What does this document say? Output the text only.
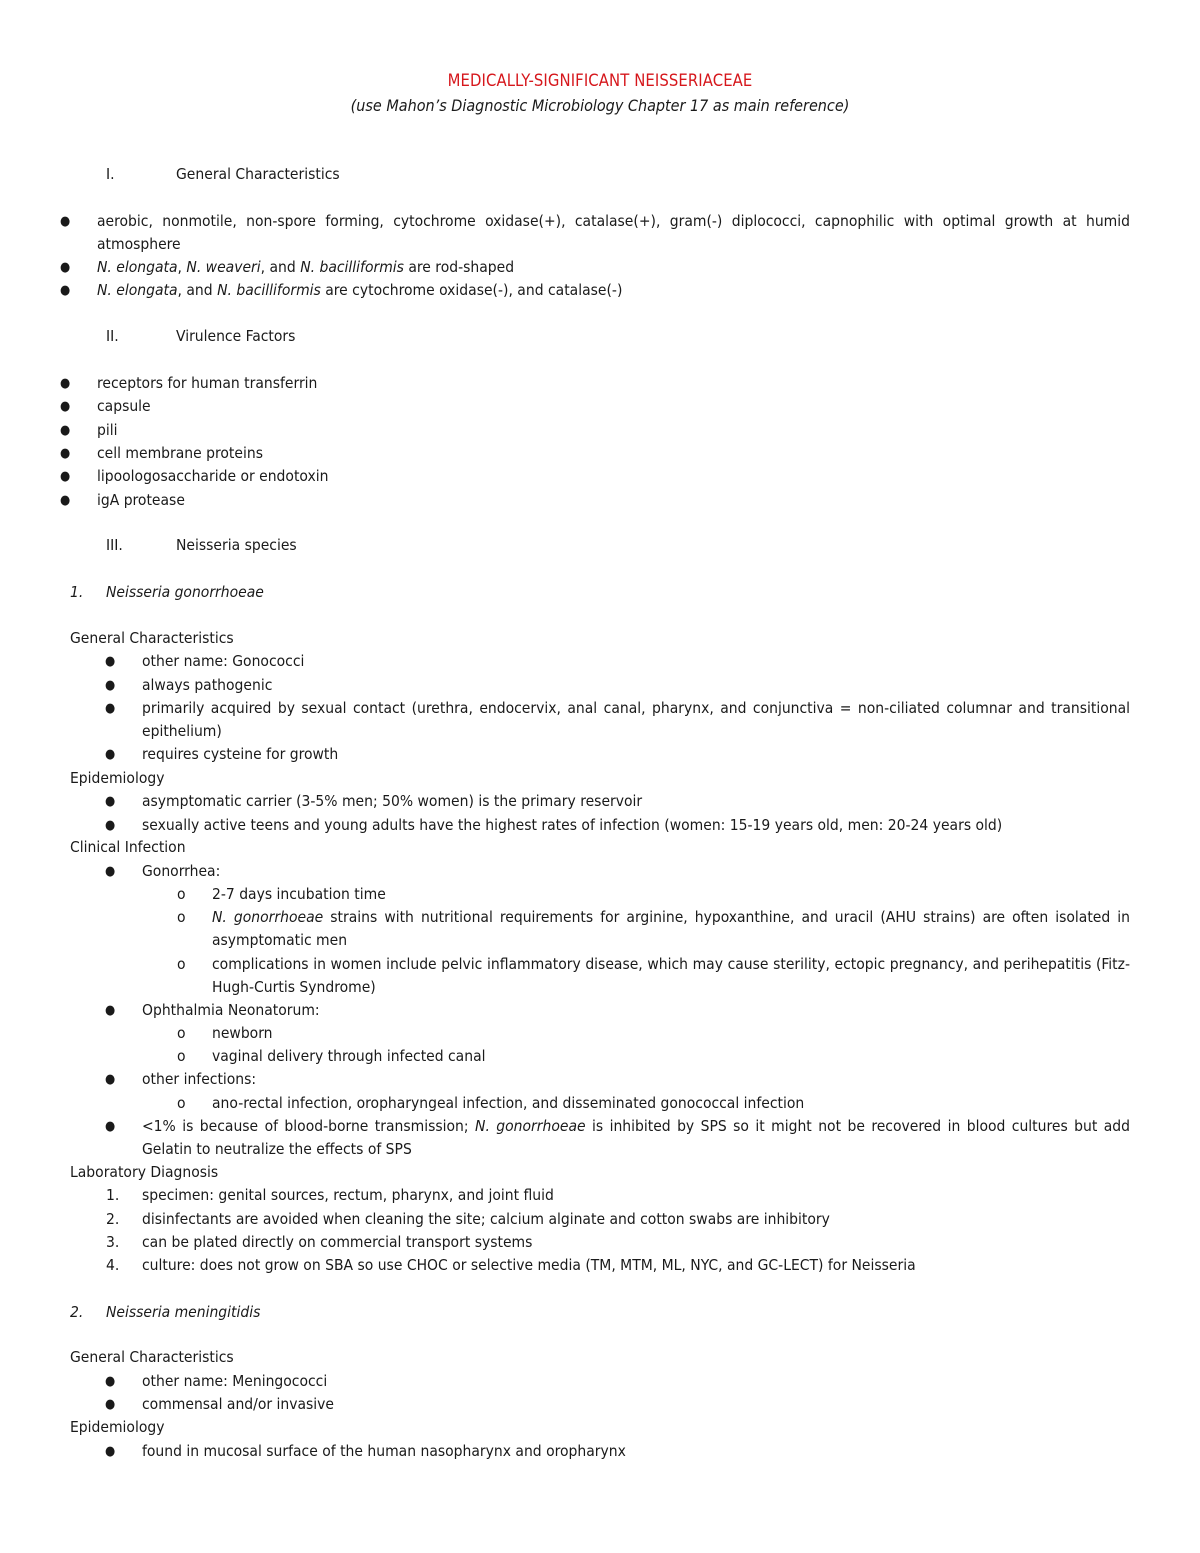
MEDICALLY-SIGNIFICANT NEISSERIACEAE
(use Mahon’s Diagnostic Microbiology Chapter 17 as main reference)
I.	General Characteristics
● aerobic, nonmotile, non-spore forming, cytochrome oxidase(+), catalase(+), gram(-) diplococci, capnophilic with optimal growth at humid atmosphere
● N. elongata, N. weaveri, and N. bacilliformis are rod-shaped
● N. elongata, and N. bacilliformis are cytochrome oxidase(-), and catalase(-)
II.	Virulence Factors
● receptors for human transferrin
● capsule
● pili
● cell membrane proteins
● lipoologosaccharide or endotoxin
● igA protease
III.	Neisseria species
1. Neisseria gonorrhoeae
General Characteristics
● other name: Gonococci
● always pathogenic
● primarily acquired by sexual contact (urethra, endocervix, anal canal, pharynx, and conjunctiva = non-ciliated columnar and transitional epithelium)
● requires cysteine for growth
Epidemiology
● asymptomatic carrier (3-5% men; 50% women) is the primary reservoir
● sexually active teens and young adults have the highest rates of infection (women: 15-19 years old, men: 20-24 years old)
Clinical Infection
● Gonorrhea:
o 2-7 days incubation time
o N. gonorrhoeae strains with nutritional requirements for arginine, hypoxanthine, and uracil (AHU strains) are often isolated in asymptomatic men
o complications in women include pelvic inflammatory disease, which may cause sterility, ectopic pregnancy, and perihepatitis (Fitz-Hugh-Curtis Syndrome)
● Ophthalmia Neonatorum:
o newborn
o vaginal delivery through infected canal
● other infections:
o ano-rectal infection, oropharyngeal infection, and disseminated gonococcal infection
● <1% is because of blood-borne transmission; N. gonorrhoeae is inhibited by SPS so it might not be recovered in blood cultures but add Gelatin to neutralize the effects of SPS
Laboratory Diagnosis
1. specimen: genital sources, rectum, pharynx, and joint fluid
2. disinfectants are avoided when cleaning the site; calcium alginate and cotton swabs are inhibitory
3. can be plated directly on commercial transport systems
4. culture: does not grow on SBA so use CHOC or selective media (TM, MTM, ML, NYC, and GC-LECT) for Neisseria
2. Neisseria meningitidis
General Characteristics
● other name: Meningococci
● commensal and/or invasive
Epidemiology
● found in mucosal surface of the human nasopharynx and oropharynx
